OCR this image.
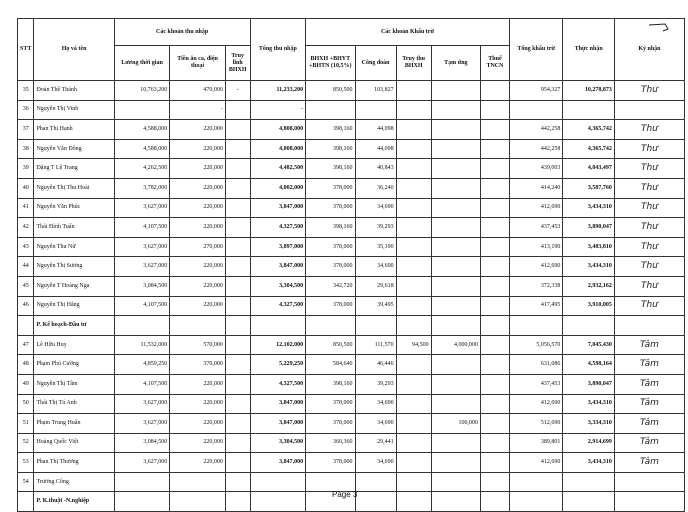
STT	Họ và tên	Các khoản thu nhập			Tổng thu nhập	Các khoản Khấu trừ					Tổng khấu trừ	Thực nhận	Ký nhận
		Lương thời gian	Tiền ăn ca, điện thoại	Truy lĩnh BHXH		BHXH +BHYT +BHTN (10,5%)	Công đoàn	Truy thu BHXH	Tạm ứng	Thuế TNCN			
35	Đoàn Thế Thành	10,763,200	470,000	-	11,233,200	850,500	103,827				954,327	10,278,873	Thư
36	Nguyễn Thị Vinh		-		-								
37	Phan Thị Hạnh	4,588,000	220,000		4,808,000	398,160	44,098				442,258	4,365,742	Thư
38	Nguyễn Văn Đông	4,588,000	220,000		4,808,000	398,160	44,098				442,258	4,365,742	Thư
39	Đặng T Lệ Trang	4,262,500	220,000		4,482,500	398,160	40,843				439,003	4,043,497	Thư
40	Nguyễn Thị Thu Hoài	3,782,000	220,000		4,002,000	378,000	36,240				414,240	3,587,760	Thư
41	Nguyễn Văn Phúc	3,627,000	220,000		3,847,000	378,000	34,690				412,690	3,434,310	Thư
42	Thái Đình Tuấn	4,107,500	220,000		4,327,500	398,160	39,293				437,453	3,890,047	Thư
43	Nguyễn Thu Nữ	3,627,000	270,000		3,897,000	378,000	35,190				413,190	3,483,810	Thư
44	Nguyễn Thị Sương	3,627,000	220,000		3,847,000	378,000	34,690				412,690	3,434,310	Thư
45	Nguyễn T Hoàng Nga	3,084,500	220,000		3,304,500	342,720	29,618				372,338	2,932,162	Thư
46	Nguyễn Thị Hằng	4,107,500	220,000		4,327,500	378,000	39,495				417,495	3,910,005	Thư
	P. Kế hoạch-Đầu tư												
47	Lê Hữu Huy	11,532,000	570,000		12,102,000	850,500	111,570	94,500	4,000,000		5,056,570	7,045,430	Tâm
48	Phạm Phú Cường	4,859,250	370,000		5,229,250	584,640	46,446				631,086	4,598,164	Tâm
49	Nguyễn Thị Tâm	4,107,500	220,000		4,327,500	398,160	39,293				437,453	3,890,047	Tâm
50	Thái Thị Tú Anh	3,627,000	220,000		3,847,000	378,000	34,690				412,690	3,434,310	Tâm
51	Phạm Trung Huấn	3,627,000	220,000		3,847,000	378,000	34,690		100,000		512,690	3,334,310	Tâm
52	Hoàng Quốc Việt	3,084,500	220,000		3,304,500	360,360	29,441				389,801	2,914,699	Tâm
53	Phan Thị Thương	3,627,000	220,000		3,847,000	378,000	34,690				412,690	3,434,310	Tâm
54	Trương Công												
	P. K.thuật -N.nghiệp												
Page 3
